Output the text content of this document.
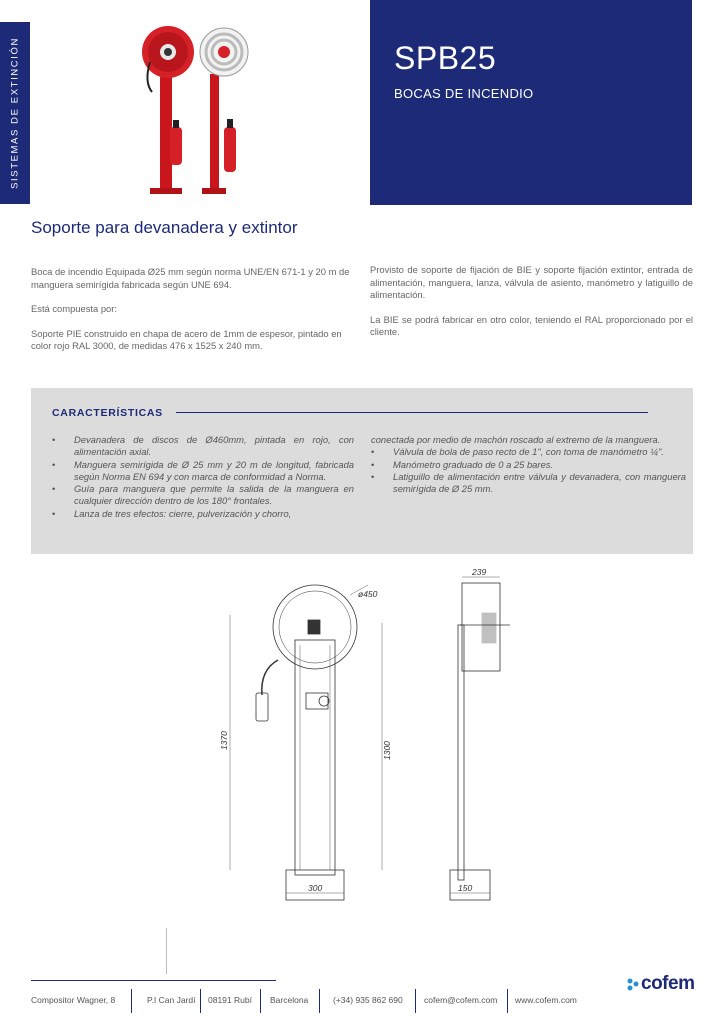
SISTEMAS DE EXTINCIÓN	SPB25
BOCAS DE INCENDIO
Soporte para devanadera y extintor

Boca de incendio Equipada Ø25 mm según norma UNE/EN 671-1 y 20 m de manguera semirígida fabricada según UNE 694.

Está compuesta por:

Soporte PIE construido en chapa de acero de 1mm de espesor, pintado en color rojo RAL 3000, de medidas 476 x 1525 x 240 mm.

Provisto de soporte de fijación de BIE y soporte fijación extintor, entrada de alimentación, manguera, lanza, válvula de asiento, manómetro y latiguillo de alimentación.

La BIE se podrá fabricar en otro color, teniendo el RAL proporcionado por el cliente.

CARACTERÍSTICAS
• Devanadera de discos de Ø460mm, pintada en rojo, con alimentación axial.
• Manguera semirígida de Ø 25 mm y 20 m de longitud, fabricada según Norma EN 694 y con marca de conformidad a Norma.
• Guía para manguera que permite la salida de la manguera en cualquier dirección dentro de los 180° frontales.
• Lanza de tres efectos: cierre, pulverización y chorro,
conectada por medio de machón roscado al extremo de la manguera.
• Válvula de bola de paso recto de 1", con toma de manómetro ¼".
• Manómetro graduado de 0 a 25 bares.
• Latiguillo de alimentación entre válvula y devanadera, con manguera semirígida de Ø 25 mm.
ø450
1370
1300
300
239
150
Compositor Wagner, 8	P.I Can Jardí 08191 Rubí Barcelona	(+34) 935 862 690	cofem@cofem.com www.cofem.com
cofem
